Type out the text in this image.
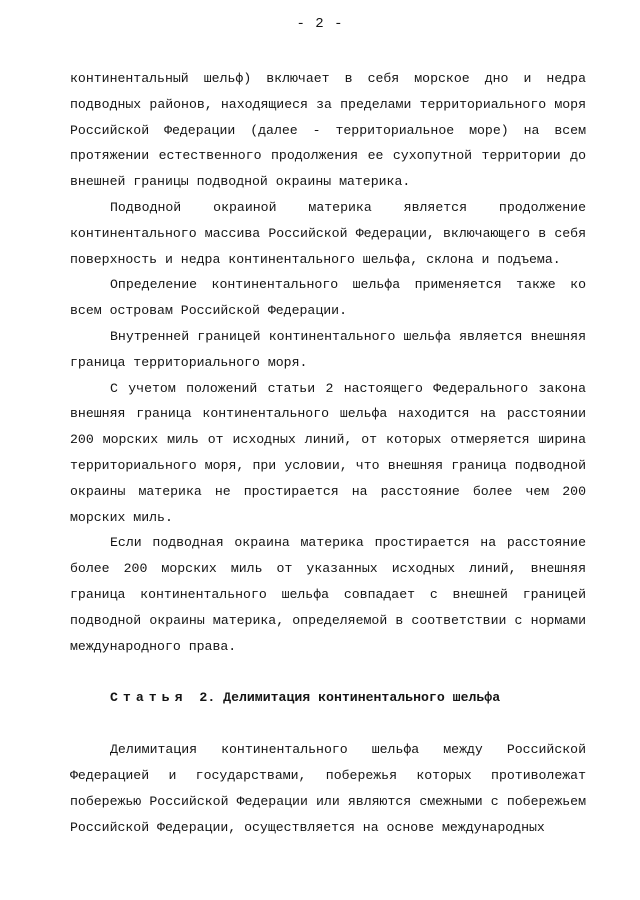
- 2 -

континентальный шельф) включает в себя морское дно и недра подводных районов, находящиеся за пределами территориального моря Российской Федерации (далее - территориальное море) на всем протяжении естественного продолжения ее сухопутной территории до внешней границы подводной окраины материка.

Подводной окраиной материка является продолжение континентального массива Российской Федерации, включающего в себя поверхность и недра континентального шельфа, склона и подъема.

Определение континентального шельфа применяется также ко всем островам Российской Федерации.

Внутренней границей континентального шельфа является внешняя граница территориального моря.

С учетом положений статьи 2 настоящего Федерального закона внешняя граница континентального шельфа находится на расстоянии 200 морских миль от исходных линий, от которых отмеряется ширина территориального моря, при условии, что внешняя граница подводной окраины материка не простирается на расстояние более чем 200 морских миль.

Если подводная окраина материка простирается на расстояние более 200 морских миль от указанных исходных линий, внешняя граница континентального шельфа совпадает с внешней границей подводной окраины материка, определяемой в соответствии с нормами международного права.

Статья 2. Делимитация континентального шельфа

Делимитация континентального шельфа между Российской Федерацией и государствами, побережья которых противолежат побережью Российской Федерации или являются смежными с побережьем Российской Федерации, осуществляется на основе международных
